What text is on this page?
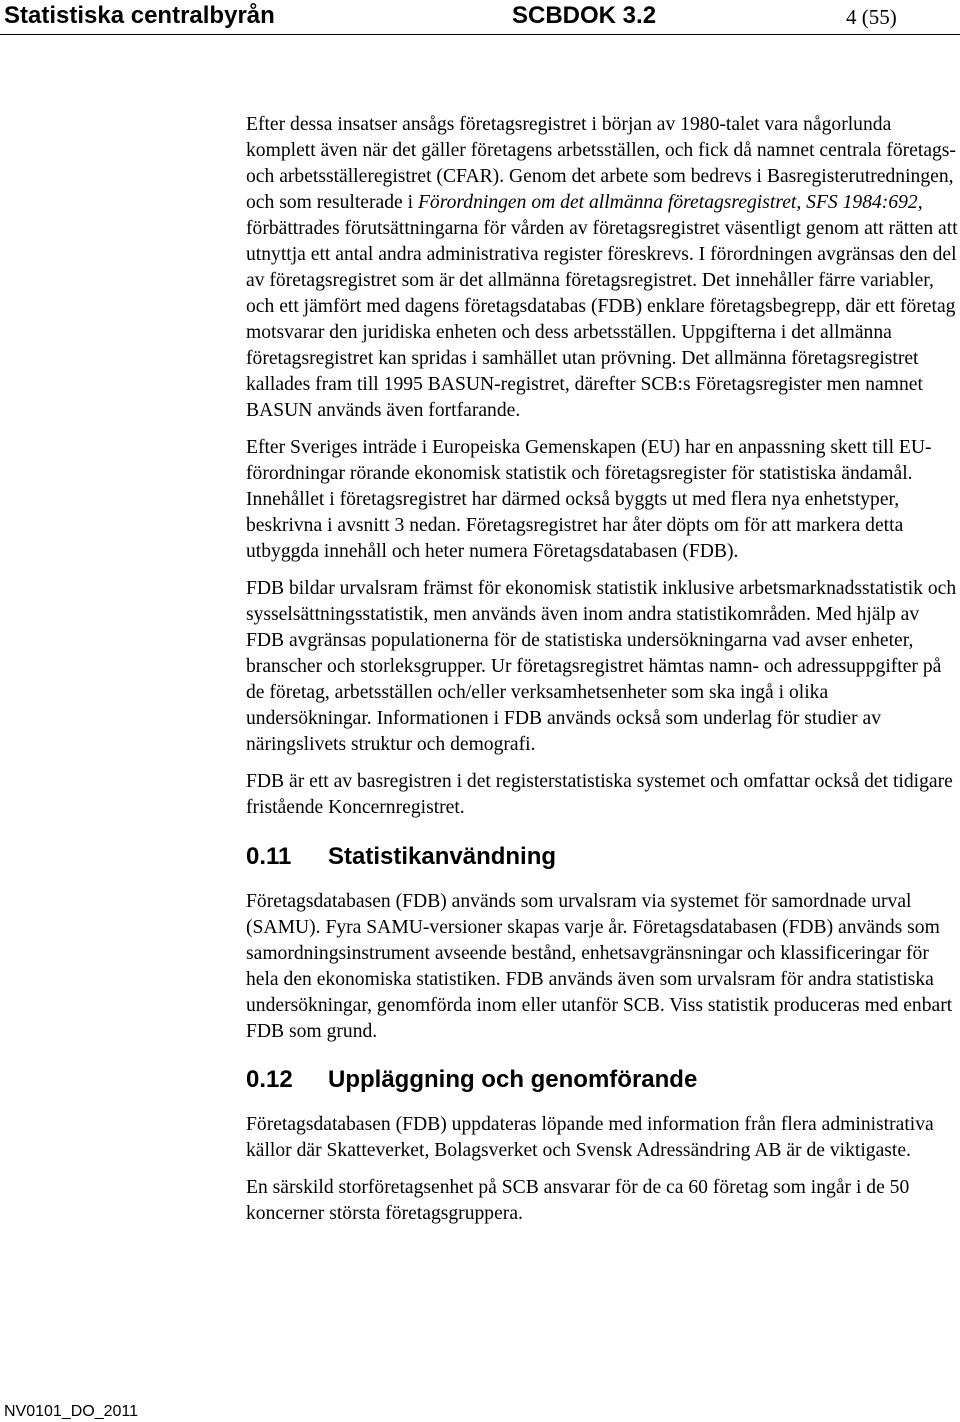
Statistiska centralbyrån	SCBDOK 3.2	4 (55)

Efter dessa insatser ansågs företagsregistret i början av 1980-talet vara någorlunda komplett även när det gäller företagens arbetsställen, och fick då namnet centrala företags- och arbetsställeregistret (CFAR). Genom det arbete som bedrevs i Basregisterutredningen, och som resulterade i Förordningen om det allmänna företagsregistret, SFS 1984:692, förbättrades förutsättningarna för vården av företagsregistret väsentligt genom att rätten att utnyttja ett antal andra administrativa register föreskrevs. I förordningen avgränsas den del av företagsregistret som är det allmänna företagsregistret. Det innehåller färre variabler, och ett jämfört med dagens företagsdatabas (FDB) enklare företagsbegrepp, där ett företag motsvarar den juridiska enheten och dess arbetsställen. Uppgifterna i det allmänna företagsregistret kan spridas i samhället utan prövning. Det allmänna företagsregistret kallades fram till 1995 BASUN-registret, därefter SCB:s Företagsregister men namnet BASUN används även fortfarande.

Efter Sveriges inträde i Europeiska Gemenskapen (EU) har en anpassning skett till EU-förordningar rörande ekonomisk statistik och företagsregister för statistiska ändamål. Innehållet i företagsregistret har därmed också byggts ut med flera nya enhetstyper, beskrivna i avsnitt 3 nedan. Företagsregistret har åter döpts om för att markera detta utbyggda innehåll och heter numera Företagsdatabasen (FDB).

FDB bildar urvalsram främst för ekonomisk statistik inklusive arbetsmarknadsstatistik och sysselsättningsstatistik, men används även inom andra statistikområden. Med hjälp av FDB avgränsas populationerna för de statistiska undersökningarna vad avser enheter, branscher och storleksgrupper. Ur företagsregistret hämtas namn- och adressuppgifter på de företag, arbetsställen och/eller verksamhetsenheter som ska ingå i olika undersökningar. Informationen i FDB används också som underlag för studier av näringslivets struktur och demografi.

FDB är ett av basregistren i det registerstatistiska systemet och omfattar också det tidigare fristående Koncernregistret.

0.11 Statistikanvändning

Företagsdatabasen (FDB) används som urvalsram via systemet för samordnade urval (SAMU). Fyra SAMU-versioner skapas varje år. Företagsdatabasen (FDB) används som samordningsinstrument avseende bestånd, enhetsavgränsningar och klassificeringar för hela den ekonomiska statistiken. FDB används även som urvalsram för andra statistiska undersökningar, genomförda inom eller utanför SCB. Viss statistik produceras med enbart FDB som grund.

0.12 Uppläggning och genomförande

Företagsdatabasen (FDB) uppdateras löpande med information från flera administrativa källor där Skatteverket, Bolagsverket och Svensk Adressändring AB är de viktigaste.

En särskild storföretagsenhet på SCB ansvarar för de ca 60 företag som ingår i de 50 koncerner största företagsgruppera.

NV0101_DO_2011
